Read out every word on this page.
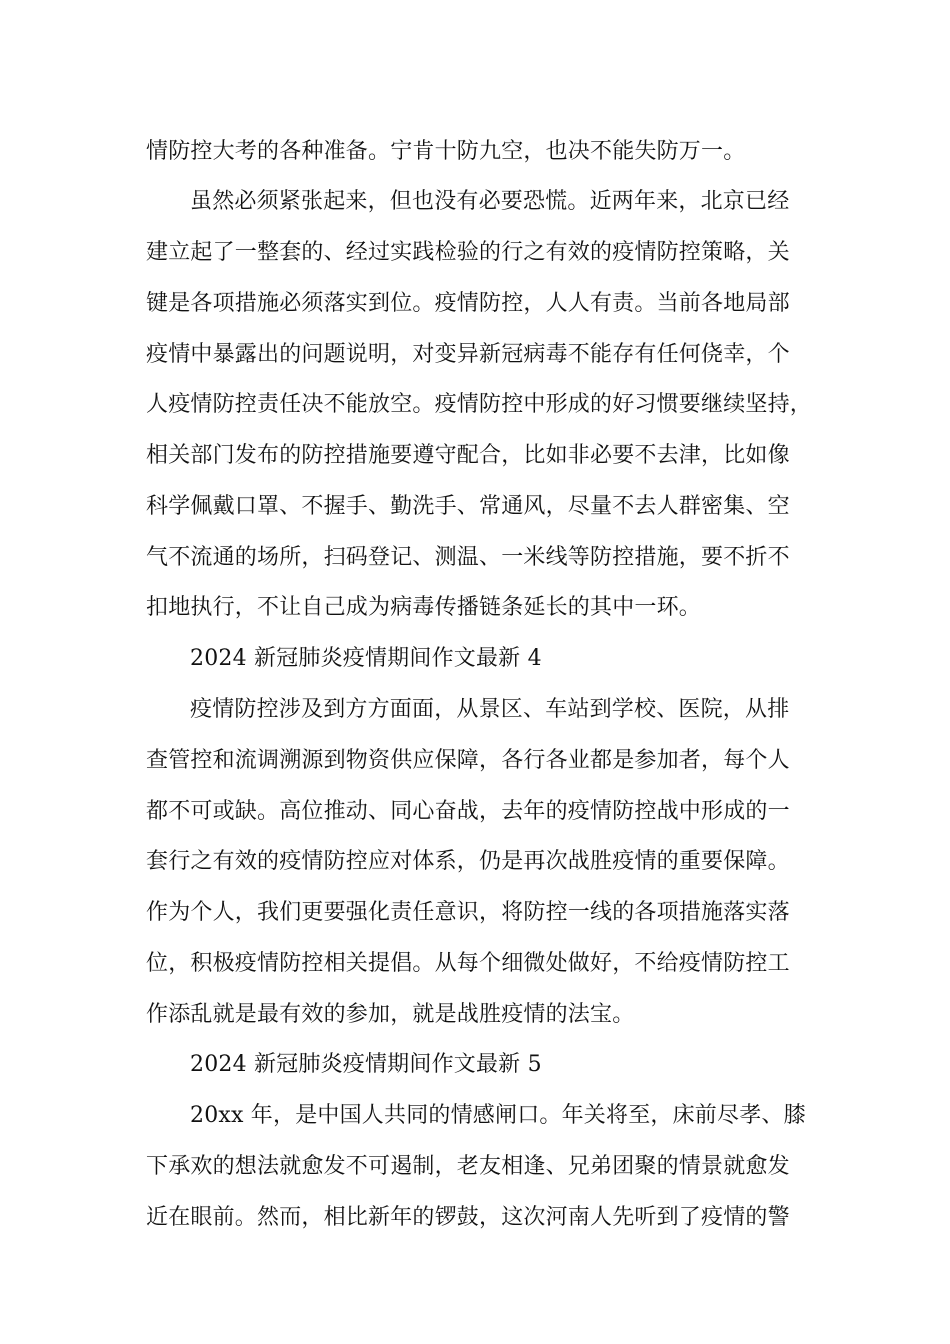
情防控大考的各种准备。宁肯十防九空，也决不能失防万一。

虽然必须紧张起来，但也没有必要恐慌。近两年来，北京已经

建立起了一整套的、经过实践检验的行之有效的疫情防控策略，关

键是各项措施必须落实到位。疫情防控，人人有责。当前各地局部

疫情中暴露出的问题说明，对变异新冠病毒不能存有任何侥幸，个

人疫情防控责任决不能放空。疫情防控中形成的好习惯要继续坚持，

相关部门发布的防控措施要遵守配合，比如非必要不去津，比如像

科学佩戴口罩、不握手、勤洗手、常通风，尽量不去人群密集、空

气不流通的场所，扫码登记、测温、一米线等防控措施，要不折不

扣地执行，不让自己成为病毒传播链条延长的其中一环。

2024 新冠肺炎疫情期间作文最新 4

疫情防控涉及到方方面面，从景区、车站到学校、医院，从排

查管控和流调溯源到物资供应保障，各行各业都是参加者，每个人

都不可或缺。高位推动、同心奋战，去年的疫情防控战中形成的一

套行之有效的疫情防控应对体系，仍是再次战胜疫情的重要保障。

作为个人，我们更要强化责任意识，将防控一线的各项措施落实落

位，积极疫情防控相关提倡。从每个细微处做好，不给疫情防控工

作添乱就是最有效的参加，就是战胜疫情的法宝。

2024 新冠肺炎疫情期间作文最新 5

20xx 年，是中国人共同的情感闸口。年关将至，床前尽孝、膝

下承欢的想法就愈发不可遏制，老友相逢、兄弟团聚的情景就愈发

近在眼前。然而，相比新年的锣鼓，这次河南人先听到了疫情的警
